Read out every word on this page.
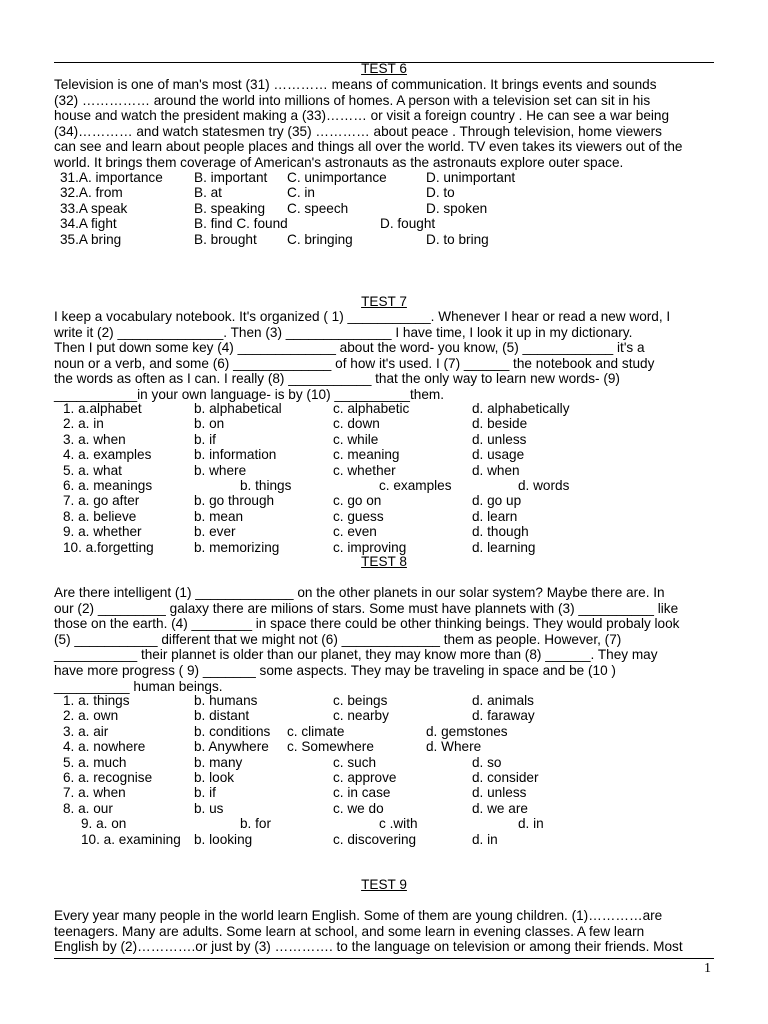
TEST 6

Television is one of man's most (31) ………… means of communication. It brings events and sounds

(32) …………… around the world into millions of homes. A person with a television set can sit in his

house and watch the president making a (33)……… or visit a foreign country . He can see a war being

(34)………… and watch statesmen try (35) ………… about peace . Through television, home viewers

can see and learn about people places and things all over the world. TV even takes its viewers out of the

world. It brings them coverage of American's astronauts as the astronauts explore outer space.

31.A. importance B. important C. unimportance	D. unimportant
32.A. from	B. at	C. in	D. to
33.A speak	B. speaking C. speech	D. spoken
34.A fight	B. find C. found	D. fought
35.A bring	B. brought C. bringing	D. to bring
TEST 7

I keep a vocabulary notebook. It's organized ( 1) ___________. Whenever I hear or read a new word, I

write it (2) ______________. Then (3) ______________ I have time, I look it up in my dictionary.

Then I put down some key (4) _____________ about the word- you know, (5) ____________ it's a

noun or a verb, and some (6) _____________ of how it's used. I (7) ______ the notebook and study

the words as often as I can. I really (8) ___________ that the only way to learn new words- (9)

___________in your own language- is by (10) __________them.

1. a.alphabet	b. alphabetical	c. alphabetic	d. alphabetically
2. a. in	b. on	c. down	d. beside
3. a. when	b. if	c. while	d. unless
4. a. examples	b. information	c. meaning	d. usage
5. a. what	b. where	c. whether	d. when
6. a. meanings	b. things	c. examples	d. words
7. a. go after	b. go through	c. go on	d. go up
8. a. believe	b. mean	c. guess	d. learn
9. a. whether	b. ever	c. even	d. though
10. a.forgetting	b. memorizing	c. improving	d. learning
TEST 8

Are there intelligent (1) _____________ on the other planets in our solar system? Maybe there are. In

our (2) _________ galaxy there are milions of stars. Some must have plannets with (3) __________ like

those on the earth. (4) ________ in space there could be other thinking beings. They would probaly look

(5) ___________ different that we might not (6) _____________ them as people. However, (7)

___________ their plannet is older than our planet, they may know more than (8) ______. They may

have more progress ( 9) _______ some aspects. They may be traveling in space and be (10 )

__________ human beings.

1. a. things	b. humans	c. beings	d. animals
2. a. own	b. distant	c. nearby	d. faraway
3. a. air	b. conditions c. climate	d. gemstones
4. a. nowhere	b. Anywhere c. Somewhere	d. Where
5. a. much	b. many	c. such	d. so
6. a. recognise	b. look	c. approve	d. consider
7. a. when	b. if	c. in case	d. unless
8. a. our	b. us	c. we do	d. we are
9. a. on	b. for	c .with	d. in
10. a. examining b. looking	c. discovering	d. in
TEST 9

Every year many people in the world learn English. Some of them are young children. (1)…………are

teenagers. Many are adults. Some learn at school, and some learn in evening classes. A few learn

English by (2)………….or just by (3) …………. to the language on television or among their friends. Most

1
